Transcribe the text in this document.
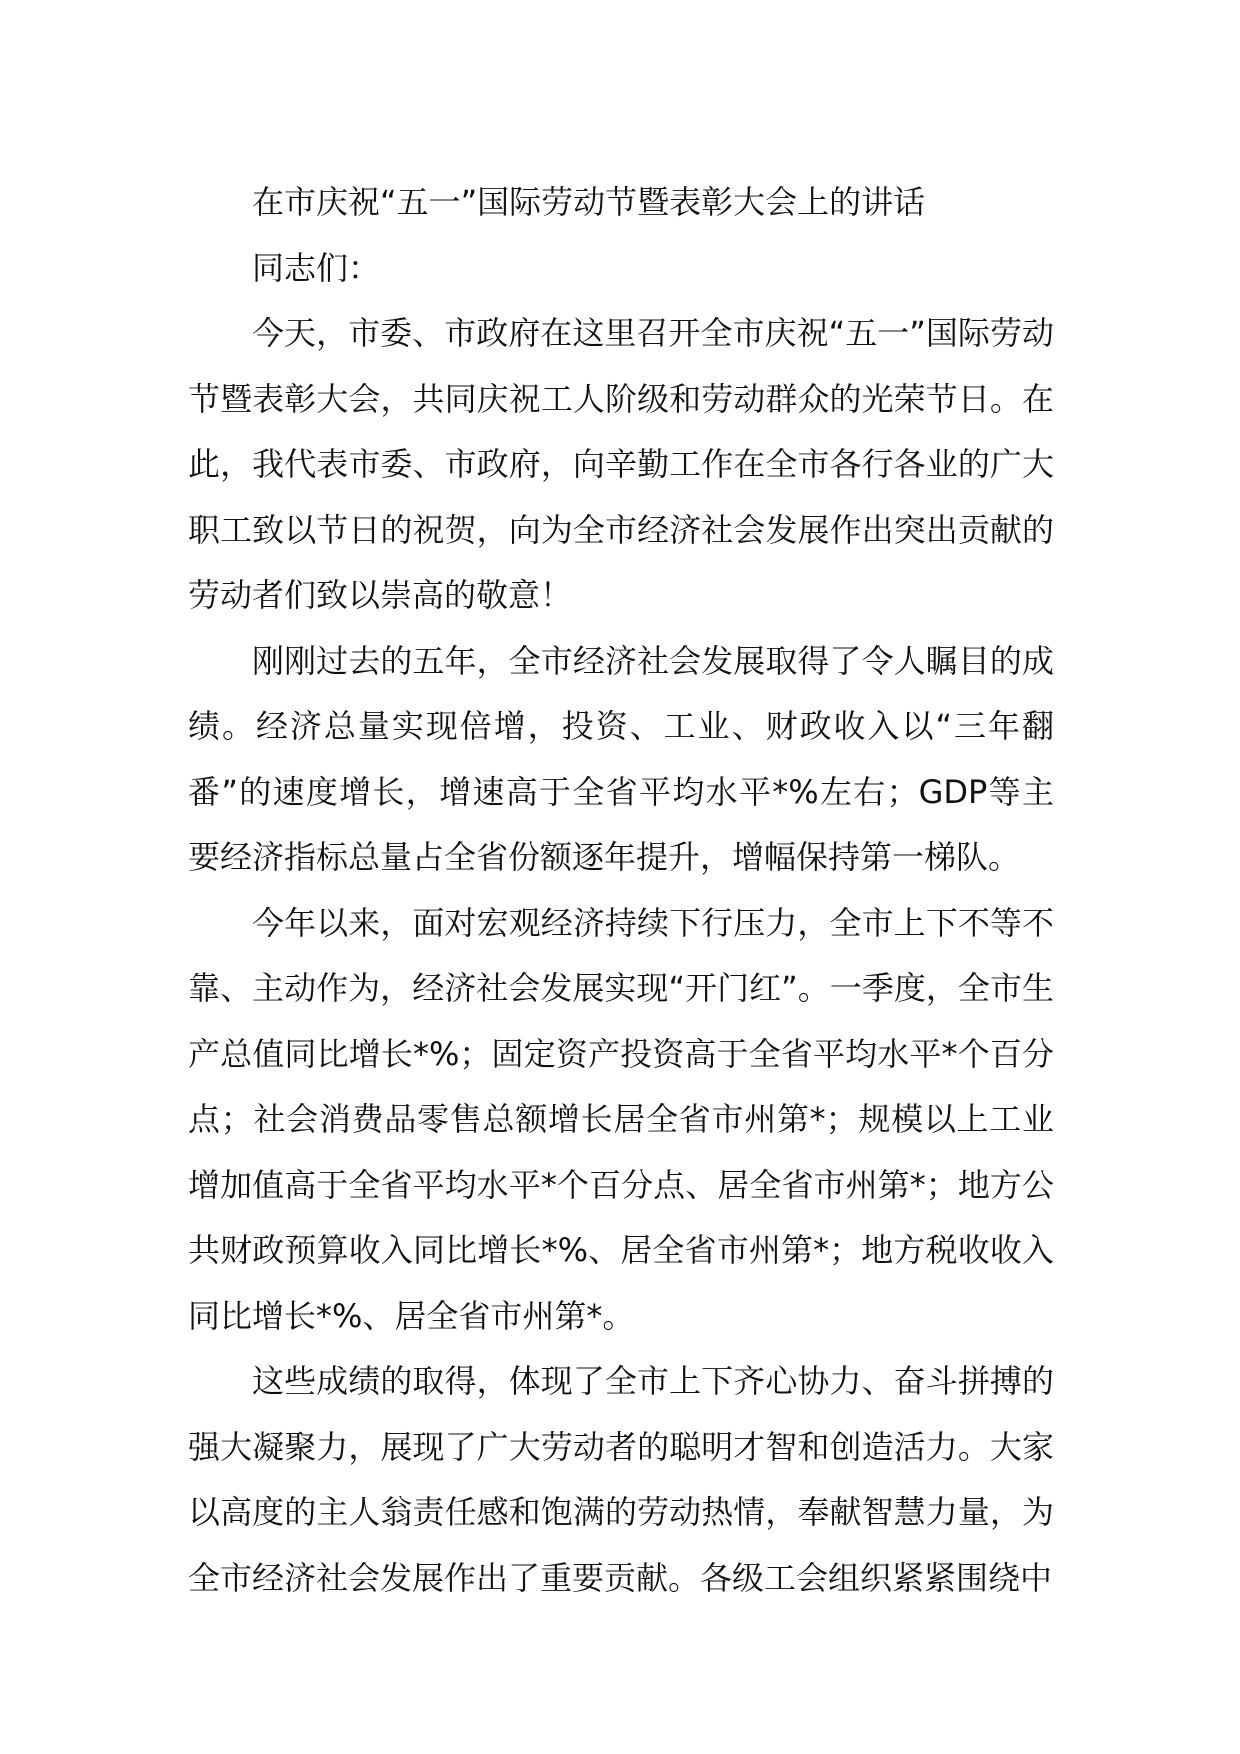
在市庆祝“五一”国际劳动节暨表彰大会上的讲话

同志们：

今天，市委、市政府在这里召开全市庆祝“五一”国际劳动节暨表彰大会，共同庆祝工人阶级和劳动群众的光荣节日。在此，我代表市委、市政府，向辛勤工作在全市各行各业的广大职工致以节日的祝贺，向为全市经济社会发展作出突出贡献的劳动者们致以崇高的敬意！

刚刚过去的五年，全市经济社会发展取得了令人瞩目的成绩。经济总量实现倍增，投资、工业、财政收入以“三年翻番”的速度增长，增速高于全省平均水平*%左右；GDP等主要经济指标总量占全省份额逐年提升，增幅保持第一梯队。

今年以来，面对宏观经济持续下行压力，全市上下不等不靠、主动作为，经济社会发展实现“开门红”。一季度，全市生产总值同比增长*%；固定资产投资高于全省平均水平*个百分点；社会消费品零售总额增长居全省市州第*；规模以上工业增加值高于全省平均水平*个百分点、居全省市州第*；地方公共财政预算收入同比增长*%、居全省市州第*；地方税收收入同比增长*%、居全省市州第*。

这些成绩的取得，体现了全市上下齐心协力、奋斗拼搏的强大凝聚力，展现了广大劳动者的聪明才智和创造活力。大家以高度的主人翁责任感和饱满的劳动热情，奉献智慧力量，为全市经济社会发展作出了重要贡献。各级工会组织紧紧围绕中
